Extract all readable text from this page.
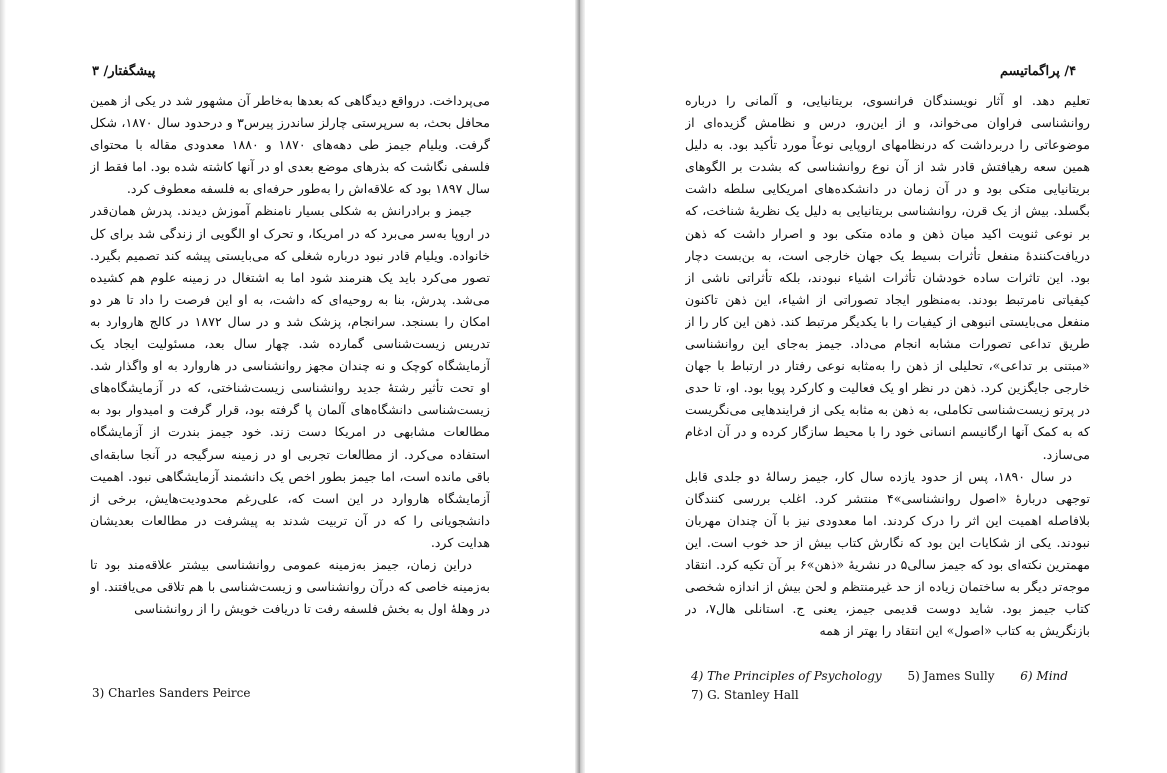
پیشگفتار/ ۳

می‌پرداخت. درواقع دیدگاهی که بعدها به‌خاطر آن مشهور شد در یکی از همین محافل بحث، به سرپرستی چارلز ساندرز پیرس۳ و درحدود سال ۱۸۷۰، شکل گرفت. ویلیام جیمز طی دهه‌های ۱۸۷۰ و ۱۸۸۰ معدودی مقاله با محتوای فلسفی نگاشت که بذرهای موضع بعدی او در آنها کاشته شده بود. اما فقط از سال ۱۸۹۷ بود که علاقه‌اش را به‌طور حرفه‌ای به فلسفه معطوف کرد.

جیمز و برادرانش به شکلی بسیار نامنظم آموزش دیدند. پدرش همان‌قدر در اروپا به‌سر می‌برد که در امریکا، و تحرک او الگویی از زندگی شد برای کل خانواده. ویلیام قادر نبود درباره شغلی که می‌بایستی پیشه کند تصمیم بگیرد. تصور می‌کرد باید یک هنرمند شود اما به اشتغال در زمینه علوم هم کشیده می‌شد. پدرش، بنا به روحیه‌ای که داشت، به او این فرصت را داد تا هر دو امکان را بسنجد. سرانجام، پزشک شد و در سال ۱۸۷۲ در کالج هاروارد به تدریس زیست‌شناسی گمارده شد. چهار سال بعد، مسئولیت ایجاد یک آزمایشگاه کوچک و نه چندان مجهز روانشناسی در هاروارد به او واگذار شد. او تحت تأثیر رشتهٔ جدید روانشناسی زیست‌شناختی، که در آزمایشگاه‌های زیست‌شناسی دانشگاه‌های آلمان پا گرفته بود، قرار گرفت و امیدوار بود به مطالعات مشابهی در امریکا دست زند. خود جیمز بندرت از آزمایشگاه استفاده می‌کرد. از مطالعات تجربی او در زمینه سرگیجه در آنجا سابقه‌ای باقی مانده است، اما جیمز بطور اخص یک دانشمند آزمایشگاهی نبود. اهمیت آزمایشگاه هاروارد در این است که، علی‌رغم محدودیت‌هایش، برخی از دانشجویانی را که در آن تربیت شدند به پیشرفت در مطالعات بعدیشان هدایت کرد.

دراین زمان، جیمز به‌زمینه عمومی روانشناسی بیشتر علاقه‌مند بود تا به‌زمینه خاصی که درآن روانشناسی و زیست‌شناسی با هم تلاقی می‌یافتند. او در وهلهٔ اول به بخش فلسفه رفت تا دریافت خویش را از روانشناسی

3) Charles Sanders Peirce
۴/ پراگماتیسم

تعلیم دهد. او آثار نویسندگان فرانسوی، بریتانیایی، و آلمانی را درباره روانشناسی فراوان می‌خواند، و از این‌رو، درس و نظامش گزیده‌ای از موضوعاتی را دربرداشت که درنظامهای اروپایی نوعاً مورد تأکید بود. به دلیل همین سعه رهیافتش قادر شد از آن نوع روانشناسی که بشدت بر الگوهای بریتانیایی متکی بود و در آن زمان در دانشکده‌های امریکایی سلطه داشت بگسلد. بیش از یک قرن، روانشناسی بریتانیایی به دلیل یک نظریهٔ شناخت، که بر نوعی ثنویت اکید میان ذهن و ماده متکی بود و اصرار داشت که ذهن دریافت‌کنندهٔ منفعل تأثرات بسیط یک جهان خارجی است، به بن‌بست دچار بود. این تاثرات ساده خودشان تأثرات اشیاء نبودند، بلکه تأثراتی ناشی از کیفیاتی نامرتبط بودند. به‌منظور ایجاد تصوراتی از اشیاء، این ذهن تاکنون منفعل می‌بایستی انبوهی از کیفیات را با یکدیگر مرتبط کند. ذهن این کار را از طریق تداعی تصورات مشابه انجام می‌داد. جیمز به‌جای این روانشناسی «مبتنی بر تداعی»، تحلیلی از ذهن را به‌مثابه نوعی رفتار در ارتباط با جهان خارجی جایگزین کرد. ذهن در نظر او یک فعالیت و کارکرد پویا بود. او، تا حدی در پرتو زیست‌شناسی تکاملی، به ذهن به مثابه یکی از فرایندهایی می‌نگریست که به کمک آنها ارگانیسم انسانی خود را با محیط سازگار کرده و در آن ادغام می‌سازد.

در سال ۱۸۹۰، پس از حدود یازده سال کار، جیمز رسالهٔ دو جلدی قابل توجهی دربارهٔ «اصول روانشناسی»۴ منتشر کرد. اغلب بررسی کنندگان بلافاصله اهمیت این اثر را درک کردند. اما معدودی نیز با آن چندان مهربان نبودند. یکی از شکایات این بود که نگارش کتاب بیش از حد خوب است. این مهمترین نکته‌ای بود که جیمز سالی۵ در نشریهٔ «ذهن»۶ بر آن تکیه کرد. انتقاد موجه‌تر دیگر به ساختمان زیاده از حد غیرمنتظم و لحن بیش از اندازه شخصی کتاب جیمز بود. شاید دوست قدیمی جیمز، یعنی ج. استانلی هال۷، در بازنگریش به کتاب «اصول» این انتقاد را بهتر از همه

4) The Principles of Psychology 5) James Sully 6) Mind
7) G. Stanley Hall
